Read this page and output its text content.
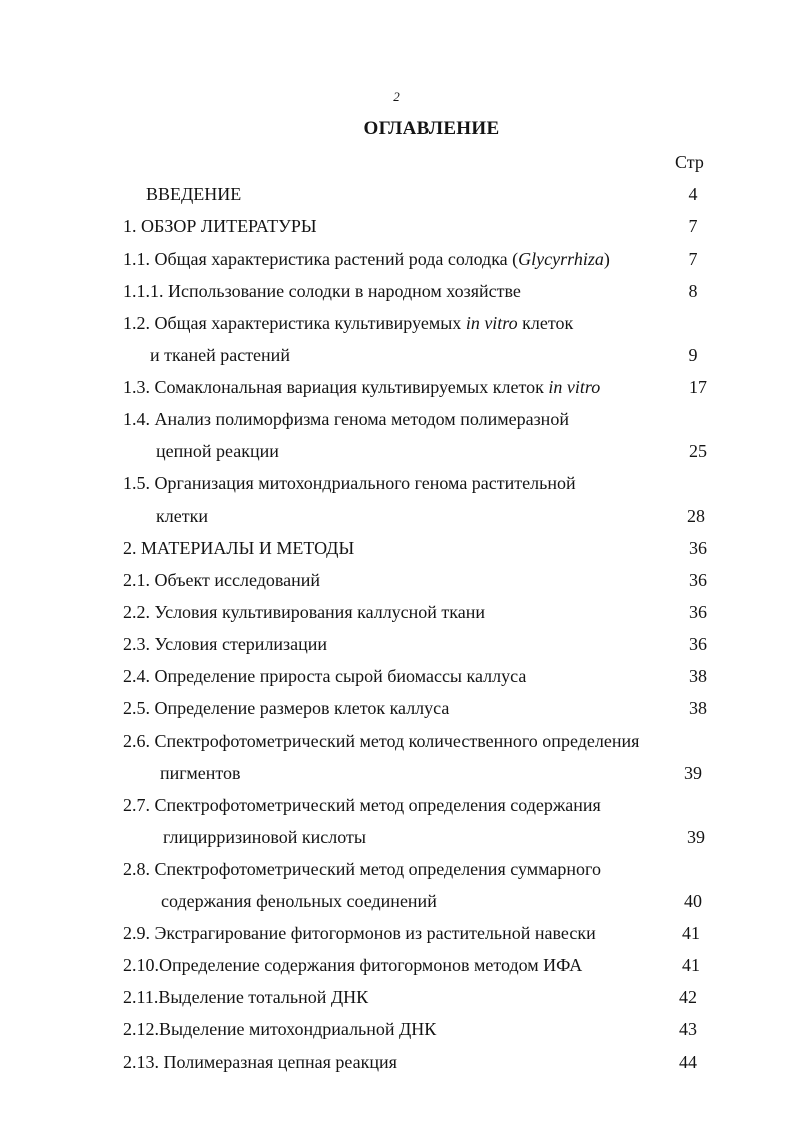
2
ОГЛАВЛЕНИЕ
Стр
ВВЕДЕНИЕ	4
1. ОБЗОР ЛИТЕРАТУРЫ	7
1.1. Общая характеристика растений рода солодка (Glycyrrhiza)	7
1.1.1. Использование солодки в народном хозяйстве	8
1.2. Общая характеристика культивируемых in vitro клеток
и тканей растений	9
1.3. Сомаклональная вариация культивируемых клеток in vitro	17
1.4. Анализ полиморфизма генома методом полимеразной
цепной реакции	25
1.5. Организация митохондриального генома растительной
клетки	28
2. МАТЕРИАЛЫ И МЕТОДЫ	36
2.1. Объект исследований	36
2.2. Условия культивирования каллусной ткани	36
2.3. Условия стерилизации	36
2.4. Определение прироста сырой биомассы каллуса	38
2.5. Определение размеров клеток каллуса	38
2.6. Спектрофотометрический метод количественного определения
пигментов	39
2.7. Спектрофотометрический метод определения содержания
глицирризиновой кислоты	39
2.8. Спектрофотометрический метод определения суммарного
содержания фенольных соединений	40
2.9. Экстрагирование фитогормонов из растительной навески	41
2.10.Определение содержания фитогормонов методом ИФА	41
2.11.Выделение тотальной ДНК	42
2.12.Выделение митохондриальной ДНК	43
2.13. Полимеразная цепная реакция	44
